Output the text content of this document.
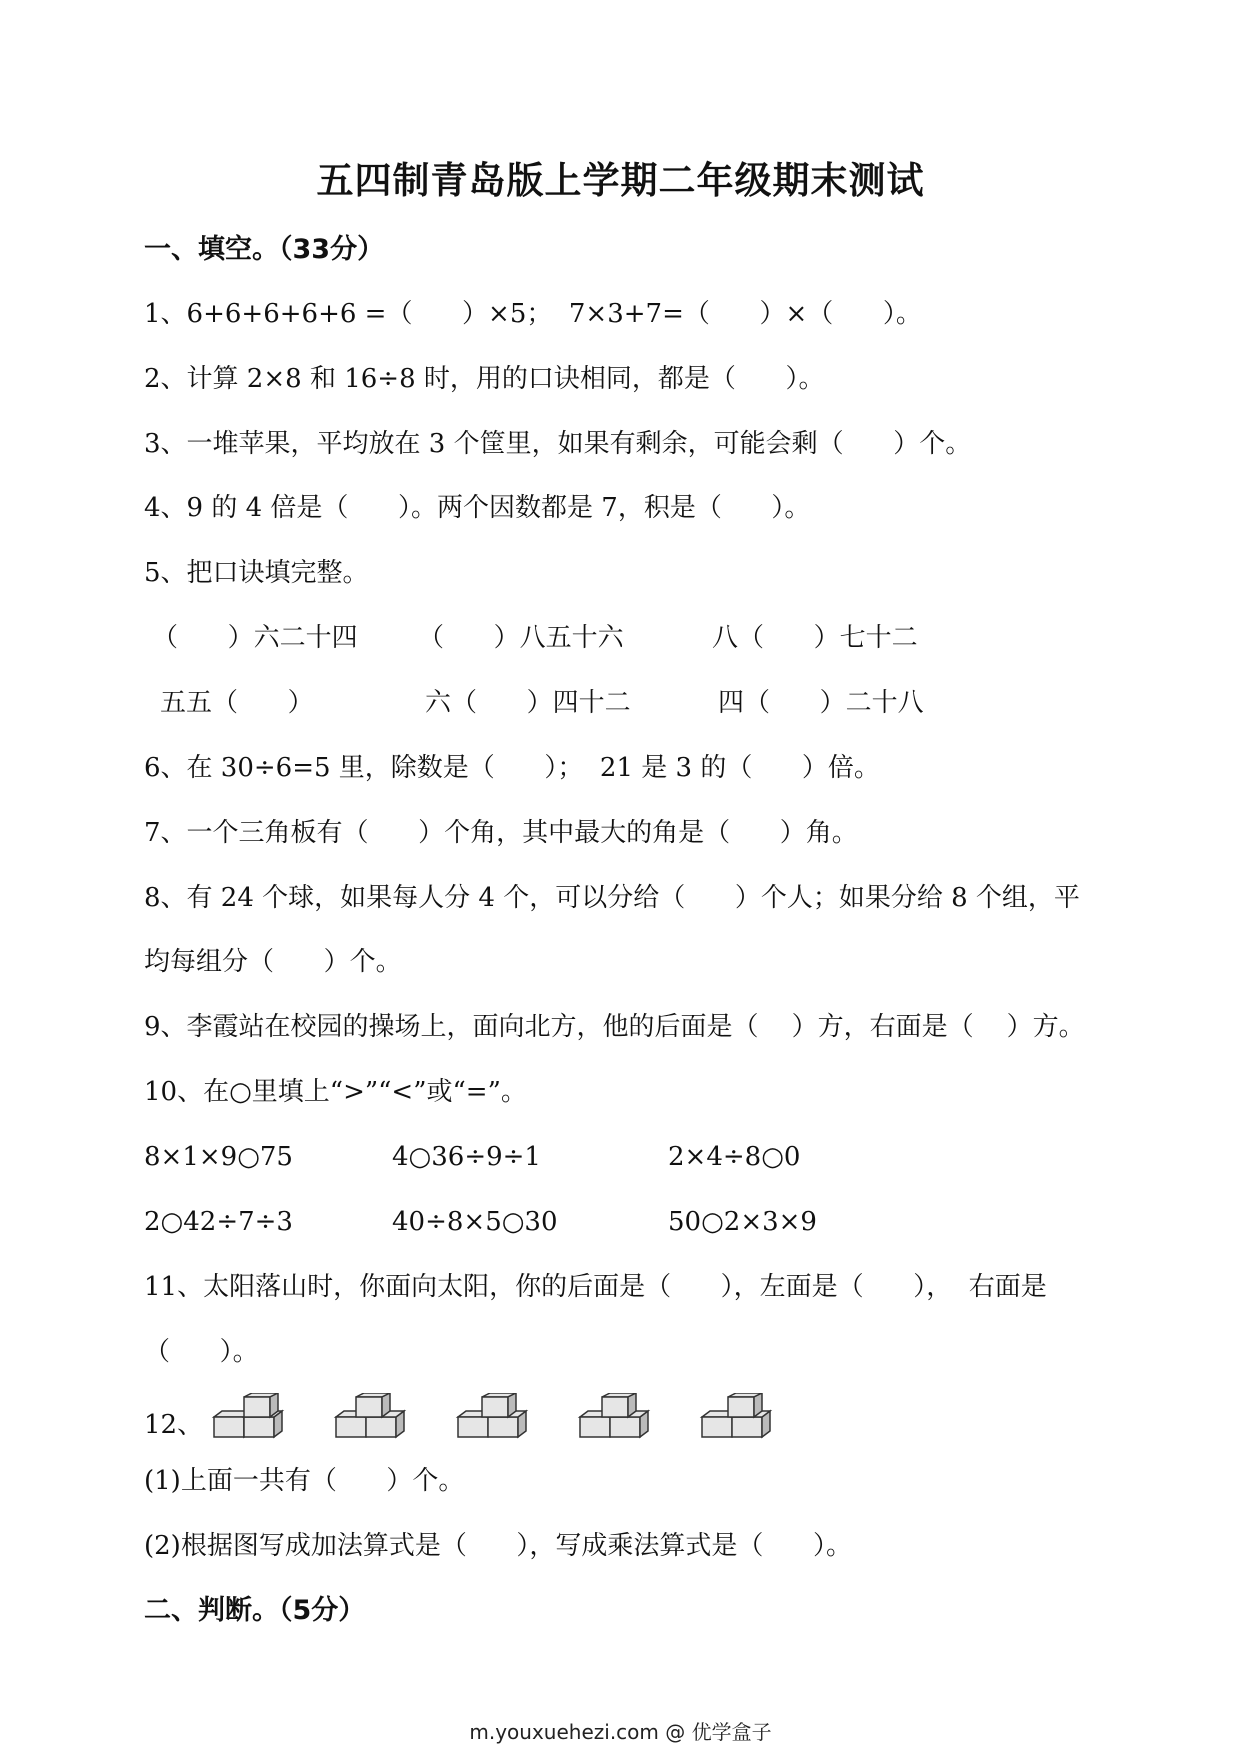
五四制青岛版上学期二年级期末测试
一、填空。（33分）
1、6+6+6+6+6 =（      ）×5；  7×3+7=（      ）×（      ）。
2、计算 2×8 和 16÷8 时，用的口诀相同，都是（      ）。
3、一堆苹果，平均放在 3 个筐里，如果有剩余，可能会剩（      ）个。
4、9 的 4 倍是（      ）。两个因数都是 7，积是（      ）。
5、把口诀填完整。
（      ）六二十四 （      ）八五十六	八（      ）七十二
五五（      ）	六（      ）四十二	四（      ）二十八
6、在 30÷6=5 里，除数是（      ）；  21 是 3 的（      ）倍。
7、一个三角板有（      ）个角，其中最大的角是（      ）角。
8、有 24 个球，如果每人分 4 个，可以分给（      ）个人；如果分给 8 个组，平
均每组分（      ）个。
9、李霞站在校园的操场上，面向北方，他的后面是（    ）方，右面是（    ）方。
10、在○里填上“>”“<”或“=”。
8×1×9○75	4○36÷9÷1	2×4÷8○0
2○42÷7÷3	40÷8×5○30	50○2×3×9
11、太阳落山时，你面向太阳，你的后面是（      ），左面是（      ），  右面是
（      ）。
12、
(1)上面一共有（      ）个。
(2)根据图写成加法算式是（      ），写成乘法算式是（      ）。
二、判断。（5分）
m.youxuehezi.com @ 优学盒子
